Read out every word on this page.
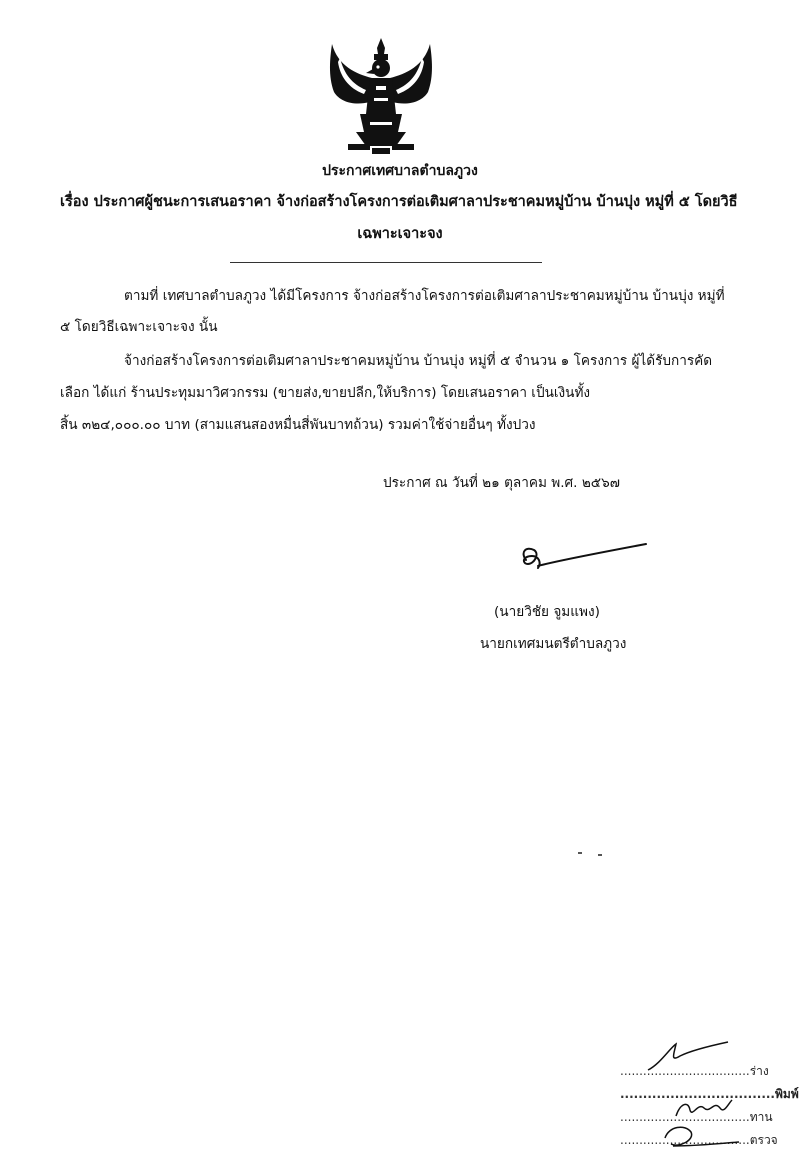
ประกาศเทศบาลตำบลภูวง
เรื่อง ประกาศผู้ชนะการเสนอราคา จ้างก่อสร้างโครงการต่อเติมศาลาประชาคมหมู่บ้าน บ้านบุ่ง หมู่ที่ ๕ โดยวิธี
เฉพาะเจาะจง
ตามที่ เทศบาลตำบลภูวง ได้มีโครงการ จ้างก่อสร้างโครงการต่อเติมศาลาประชาคมหมู่บ้าน บ้านบุ่ง หมู่ที่
๕ โดยวิธีเฉพาะเจาะจง นั้น
จ้างก่อสร้างโครงการต่อเติมศาลาประชาคมหมู่บ้าน บ้านบุ่ง หมู่ที่ ๕ จำนวน ๑ โครงการ ผู้ได้รับการคัด
เลือก ได้แก่ ร้านประทุมมาวิศวกรรม (ขายส่ง,ขายปลีก,ให้บริการ) โดยเสนอราคา เป็นเงินทั้ง
สิ้น ๓๒๔,๐๐๐.๐๐ บาท (สามแสนสองหมื่นสี่พันบาทถ้วน) รวมค่าใช้จ่ายอื่นๆ ทั้งปวง
ประกาศ ณ วันที่ ๒๑ ตุลาคม พ.ศ. ๒๕๖๗
(นายวิชัย จูมแพง)
นายกเทศมนตรีตำบลภูวง
..................................ร่าง
..................................พิมพ์
..................................ทาน
..................................ตรวจ
